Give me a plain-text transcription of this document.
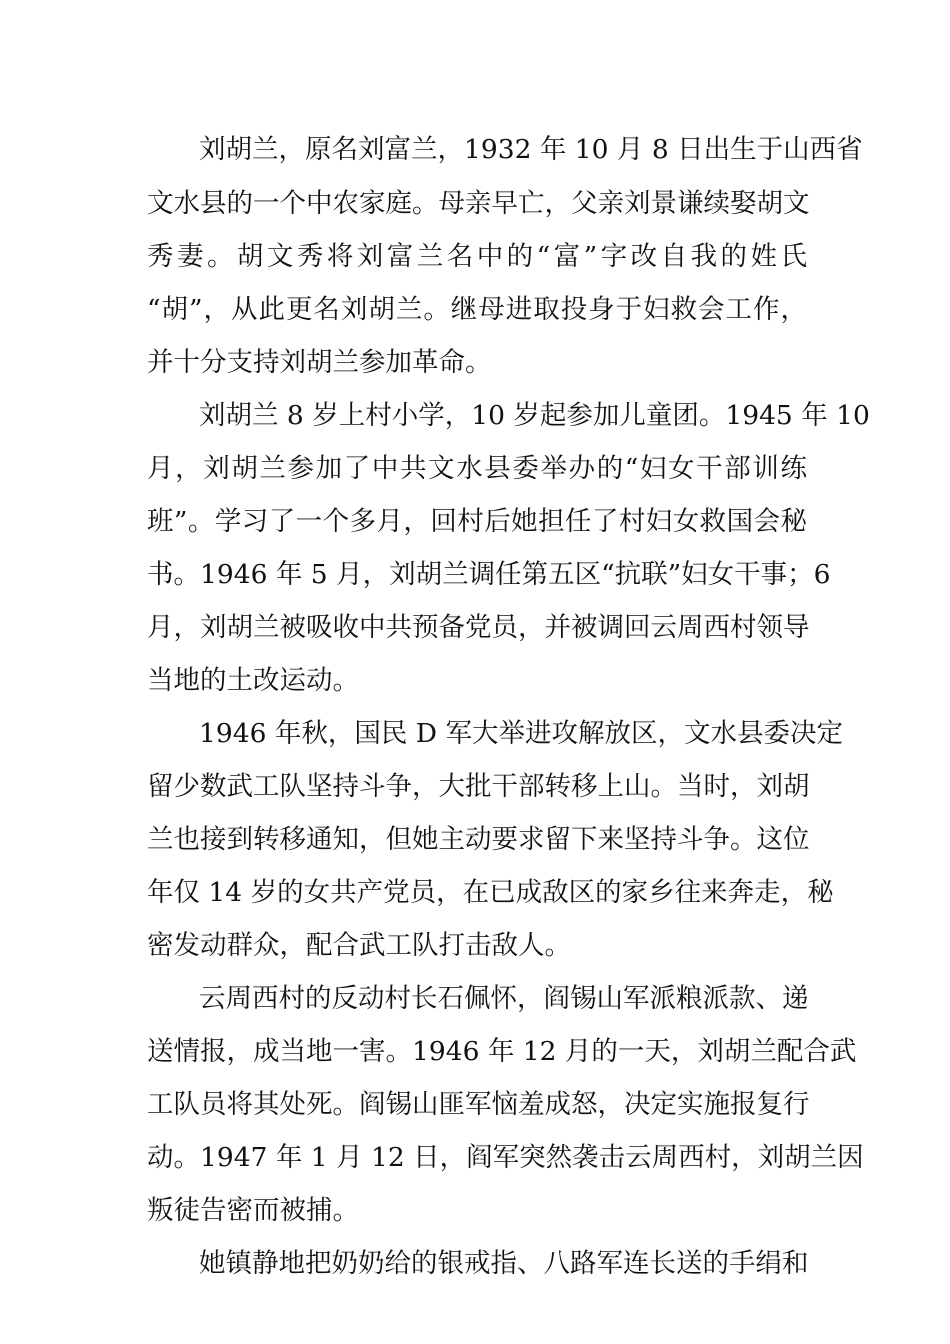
刘胡兰，原名刘富兰，1932 年 10 月 8 日出生于山西省
文水县的一个中农家庭。母亲早亡，父亲刘景谦续娶胡文
秀妻。胡文秀将刘富兰名中的“富”字改自我的姓氏
“胡”，从此更名刘胡兰。继母进取投身于妇救会工作，
并十分支持刘胡兰参加革命。
刘胡兰 8 岁上村小学，10 岁起参加儿童团。1945 年 10
月，刘胡兰参加了中共文水县委举办的“妇女干部训练
班”。学习了一个多月，回村后她担任了村妇女救国会秘
书。1946 年 5 月，刘胡兰调任第五区“抗联”妇女干事；6
月，刘胡兰被吸收中共预备党员，并被调回云周西村领导
当地的土改运动。
1946 年秋，国民 D 军大举进攻解放区，文水县委决定
留少数武工队坚持斗争，大批干部转移上山。当时，刘胡
兰也接到转移通知，但她主动要求留下来坚持斗争。这位
年仅 14 岁的女共产党员，在已成敌区的家乡往来奔走，秘
密发动群众，配合武工队打击敌人。
云周西村的反动村长石佩怀，阎锡山军派粮派款、递
送情报，成当地一害。1946 年 12 月的一天，刘胡兰配合武
工队员将其处死。阎锡山匪军恼羞成怒，决定实施报复行
动。1947 年 1 月 12 日，阎军突然袭击云周西村，刘胡兰因
叛徒告密而被捕。
她镇静地把奶奶给的银戒指、八路军连长送的手绢和
